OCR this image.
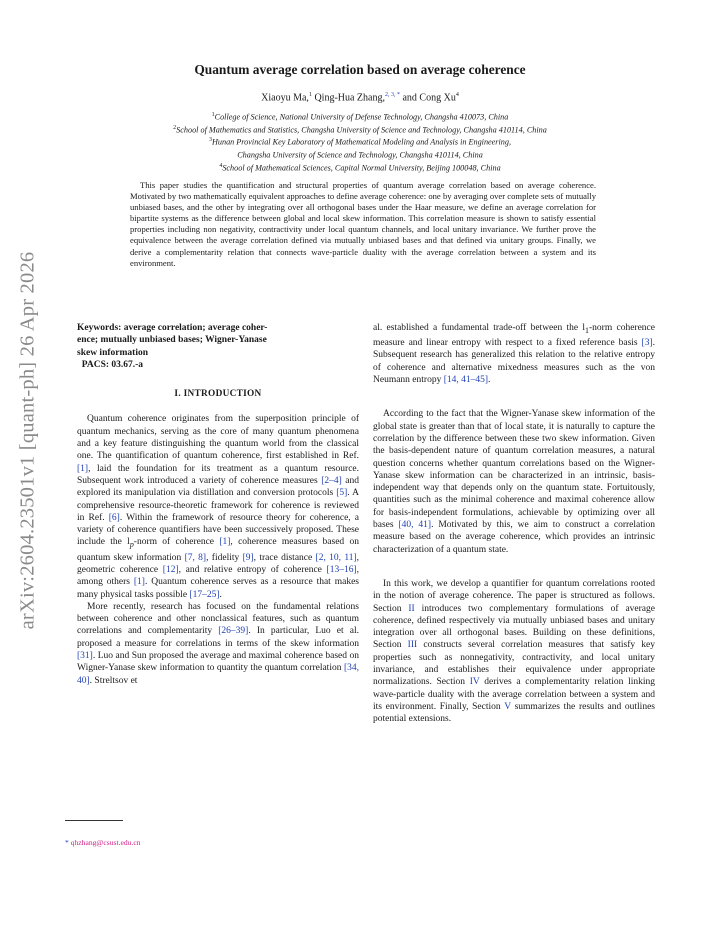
arXiv:2604.23501v1 [quant-ph] 26 Apr 2026
Quantum average correlation based on average coherence
Xiaoyu Ma,$^1$ Qing-Hua Zhang,$^{2, 3, *}$ and Cong Xu$^4$
$^1$College of Science, National University of Defense Technology, Changsha 410073, China
$^2$School of Mathematics and Statistics, Changsha University of Science and Technology, Changsha 410114, China
$^3$Hunan Provincial Key Laboratory of Mathematical Modeling and Analysis in Engineering,
Changsha University of Science and Technology, Changsha 410114, China
$^4$School of Mathematical Sciences, Capital Normal University, Beijing 100048, China

This paper studies the quantification and structural properties of quantum average correlation based on average coherence. Motivated by two mathematically equivalent approaches to define average coherence: one by averaging over complete sets of mutually unbiased bases, and the other by integrating over all orthogonal bases under the Haar measure, we define an average correlation for bipartite systems as the difference between global and local skew information. This correlation measure is shown to satisfy essential properties including non negativity, contractivity under local quantum channels, and local unitary invariance. We further prove the equivalence between the average correlation defined via mutually unbiased bases and that defined via unitary groups. Finally, we derive a complementarity relation that connects wave-particle duality with the average correlation between a system and its environment.

Keywords: average correlation; average coher-
ence; mutually unbiased bases; Wigner-Yanase
skew information
PACS: 03.67.-a
I. INTRODUCTION

Quantum coherence originates from the superposition principle of quantum mechanics, serving as the core of many quantum phenomena and a key feature distinguishing the quantum world from the classical one. The quantification of quantum coherence, first established in Ref. [1], laid the foundation for its treatment as a quantum resource. Subsequent work introduced a variety of coherence measures [2–4] and explored its manipulation via distillation and conversion protocols [5]. A comprehensive resource-theoretic framework for coherence is reviewed in Ref. [6]. Within the framework of resource theory for coherence, a variety of coherence quantifiers have been successively proposed. These include the $l_p$-norm of coherence [1], coherence measures based on quantum skew information [7, 8], fidelity [9], trace distance [2, 10, 11], geometric coherence [12], and relative entropy of coherence [13–16], among others [1]. Quantum coherence serves as a resource that makes many physical tasks possible [17–25].

More recently, research has focused on the fundamental relations between coherence and other nonclassical features, such as quantum correlations and complementarity [26–39]. In particular, Luo et al. proposed a measure for correlations in terms of the skew information [31]. Luo and Sun proposed the average and maximal coherence based on Wigner-Yanase skew information to quantity the quantum correlation [34, 40]. Streltsov et

al. established a fundamental trade-off between the $l_1$-norm coherence measure and linear entropy with respect to a fixed reference basis [3]. Subsequent research has generalized this relation to the relative entropy of coherence and alternative mixedness measures such as the von Neumann entropy [14, 41–45].

According to the fact that the Wigner-Yanase skew information of the global state is greater than that of local state, it is naturally to capture the correlation by the difference between these two skew information. Given the basis-dependent nature of quantum correlation measures, a natural question concerns whether quantum correlations based on the Wigner-Yanase skew information can be characterized in an intrinsic, basis-independent way that depends only on the quantum state. Fortuitously, quantities such as the minimal coherence and maximal coherence allow for basis-independent formulations, achievable by optimizing over all bases [40, 41]. Motivated by this, we aim to construct a correlation measure based on the average coherence, which provides an intrinsic characterization of a quantum state.

In this work, we develop a quantifier for quantum correlations rooted in the notion of average coherence. The paper is structured as follows. Section II introduces two complementary formulations of average coherence, defined respectively via mutually unbiased bases and unitary integration over all orthogonal bases. Building on these definitions, Section III constructs several correlation measures that satisfy key properties such as nonnegativity, contractivity, and local unitary invariance, and establishes their equivalence under appropriate normalizations. Section IV derives a complementarity relation linking wave-particle duality with the average correlation between a system and its environment. Finally, Section V summarizes the results and outlines potential extensions.

* qhzhang@csust.edu.cn
